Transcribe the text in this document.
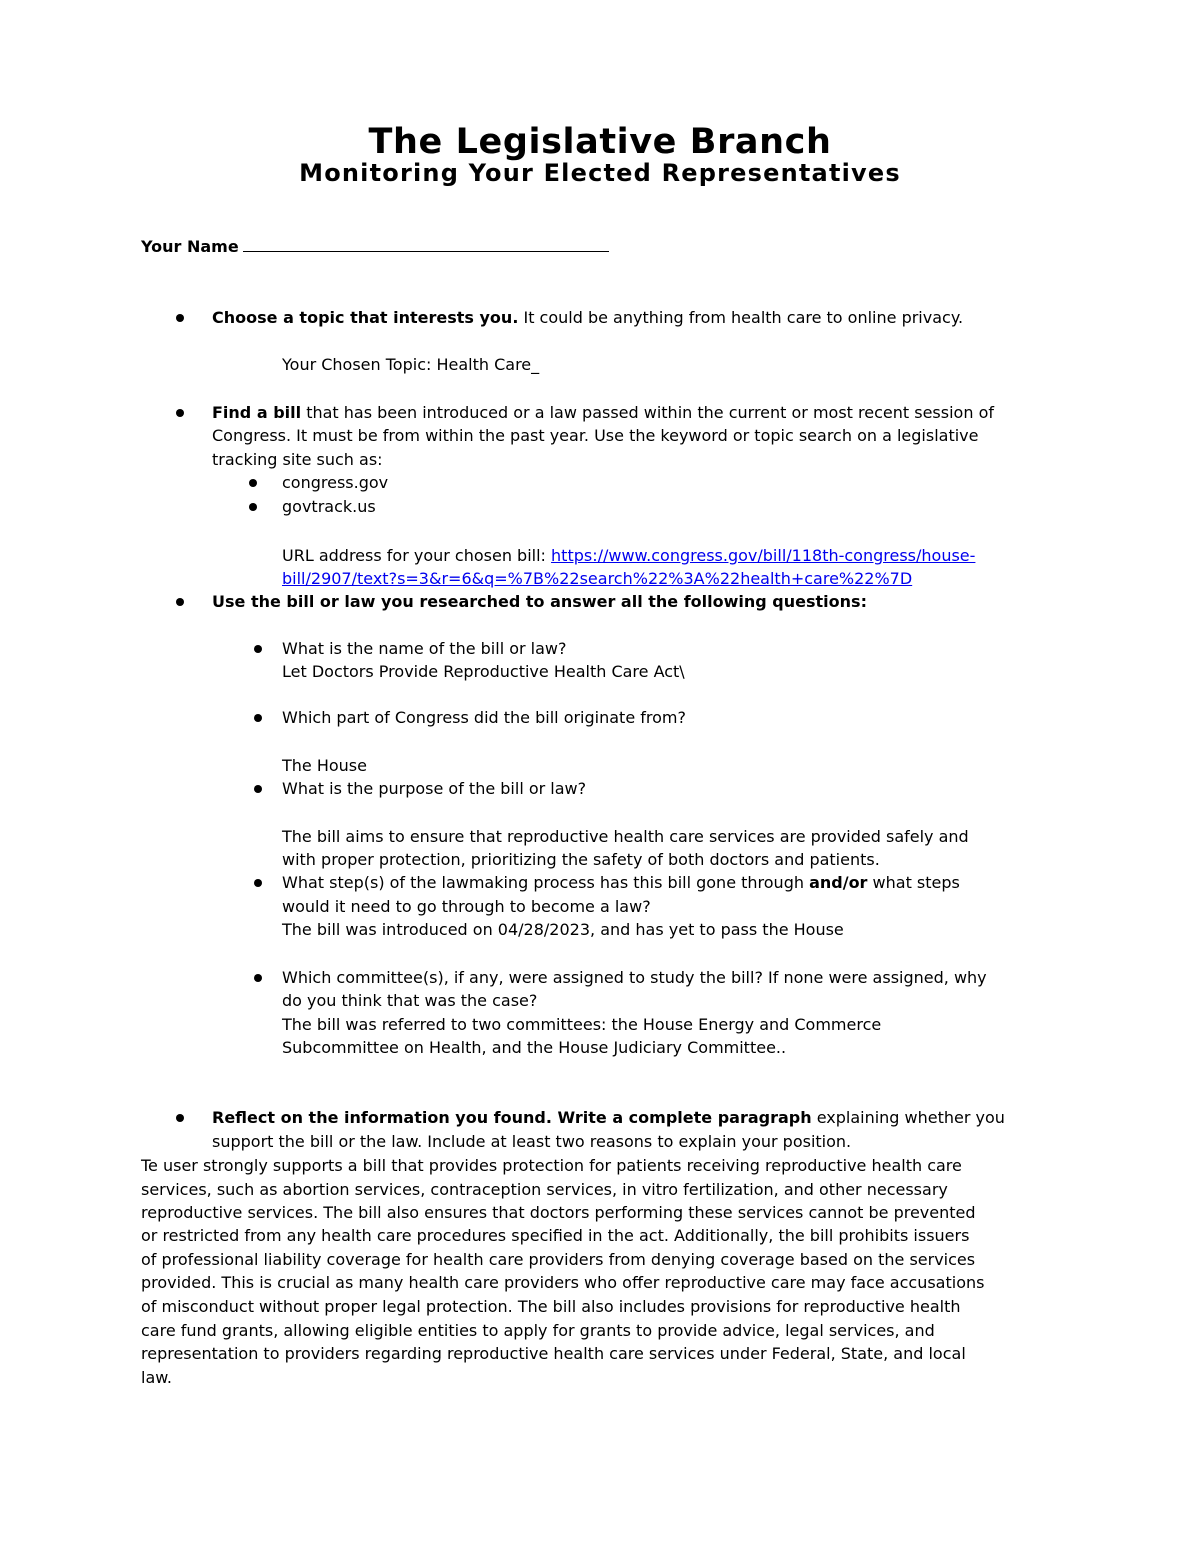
The Legislative Branch
Monitoring Your Elected Representatives
Your Name
Choose a topic that interests you. It could be anything from health care to online privacy.
Your Chosen Topic: Health Care_
Find a bill that has been introduced or a law passed within the current or most recent session of
Congress. It must be from within the past year. Use the keyword or topic search on a legislative
tracking site such as:
congress.gov
govtrack.us
URL address for your chosen bill: https://www.congress.gov/bill/118th-congress/house-
bill/2907/text?s=3&r=6&q=%7B%22search%22%3A%22health+care%22%7D
Use the bill or law you researched to answer all the following questions:
What is the name of the bill or law?
Let Doctors Provide Reproductive Health Care Act\
Which part of Congress did the bill originate from?
The House
What is the purpose of the bill or law?
The bill aims to ensure that reproductive health care services are provided safely and
with proper protection, prioritizing the safety of both doctors and patients.
What step(s) of the lawmaking process has this bill gone through and/or what steps
would it need to go through to become a law?
The bill was introduced on 04/28/2023, and has yet to pass the House
Which committee(s), if any, were assigned to study the bill? If none were assigned, why
do you think that was the case?
The bill was referred to two committees: the House Energy and Commerce
Subcommittee on Health, and the House Judiciary Committee..
Reflect on the information you found. Write a complete paragraph explaining whether you
support the bill or the law. Include at least two reasons to explain your position.
Te user strongly supports a bill that provides protection for patients receiving reproductive health care
services, such as abortion services, contraception services, in vitro fertilization, and other necessary
reproductive services. The bill also ensures that doctors performing these services cannot be prevented
or restricted from any health care procedures specified in the act. Additionally, the bill prohibits issuers
of professional liability coverage for health care providers from denying coverage based on the services
provided. This is crucial as many health care providers who offer reproductive care may face accusations
of misconduct without proper legal protection. The bill also includes provisions for reproductive health
care fund grants, allowing eligible entities to apply for grants to provide advice, legal services, and
representation to providers regarding reproductive health care services under Federal, State, and local
law.
